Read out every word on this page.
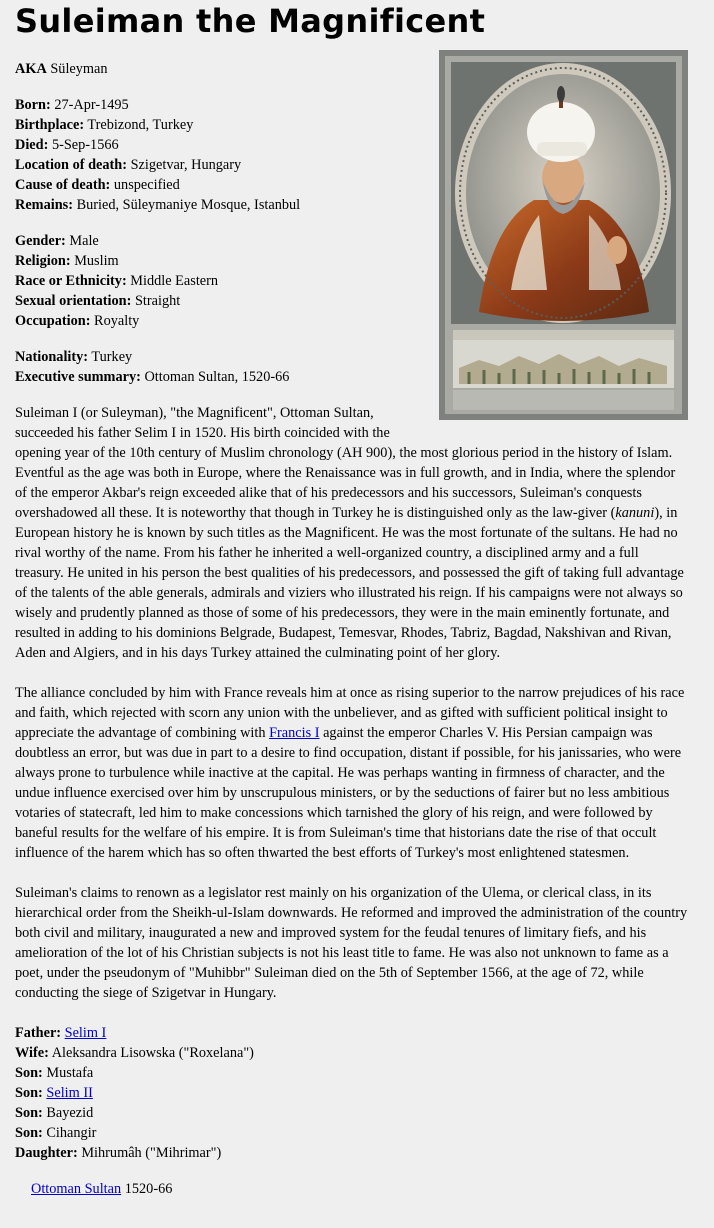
Suleiman the Magnificent
AKA Süleyman
Born: 27-Apr-1495
Birthplace: Trebizond, Turkey
Died: 5-Sep-1566
Location of death: Szigetvar, Hungary
Cause of death: unspecified
Remains: Buried, Süleymaniye Mosque, Istanbul
Gender: Male
Religion: Muslim
Race or Ethnicity: Middle Eastern
Sexual orientation: Straight
Occupation: Royalty
Nationality: Turkey
Executive summary: Ottoman Sultan, 1520-66
Suleiman I (or Suleyman), "the Magnificent", Ottoman Sultan, succeeded his father Selim I in 1520. His birth coincided with the opening year of the 10th century of Muslim chronology (AH 900), the most glorious period in the history of Islam. Eventful as the age was both in Europe, where the Renaissance was in full growth, and in India, where the splendor of the emperor Akbar's reign exceeded alike that of his predecessors and his successors, Suleiman's conquests overshadowed all these. It is noteworthy that though in Turkey he is distinguished only as the law-giver (kanuni), in European history he is known by such titles as the Magnificent. He was the most fortunate of the sultans. He had no rival worthy of the name. From his father he inherited a well-organized country, a disciplined army and a full treasury. He united in his person the best qualities of his predecessors, and possessed the gift of taking full advantage of the talents of the able generals, admirals and viziers who illustrated his reign. If his campaigns were not always so wisely and prudently planned as those of some of his predecessors, they were in the main eminently fortunate, and resulted in adding to his dominions Belgrade, Budapest, Temesvar, Rhodes, Tabriz, Bagdad, Nakshivan and Rivan, Aden and Algiers, and in his days Turkey attained the culminating point of her glory.
The alliance concluded by him with France reveals him at once as rising superior to the narrow prejudices of his race and faith, which rejected with scorn any union with the unbeliever, and as gifted with sufficient political insight to appreciate the advantage of combining with Francis I against the emperor Charles V. His Persian campaign was doubtless an error, but was due in part to a desire to find occupation, distant if possible, for his janissaries, who were always prone to turbulence while inactive at the capital. He was perhaps wanting in firmness of character, and the undue influence exercised over him by unscrupulous ministers, or by the seductions of fairer but no less ambitious votaries of statecraft, led him to make concessions which tarnished the glory of his reign, and were followed by baneful results for the welfare of his empire. It is from Suleiman's time that historians date the rise of that occult influence of the harem which has so often thwarted the best efforts of Turkey's most enlightened statesmen.
Suleiman's claims to renown as a legislator rest mainly on his organization of the Ulema, or clerical class, in its hierarchical order from the Sheikh-ul-Islam downwards. He reformed and improved the administration of the country both civil and military, inaugurated a new and improved system for the feudal tenures of limitary fiefs, and his amelioration of the lot of his Christian subjects is not his least title to fame. He was also not unknown to fame as a poet, under the pseudonym of "Muhibbr" Suleiman died on the 5th of September 1566, at the age of 72, while conducting the siege of Szigetvar in Hungary.
Father: Selim I
Wife: Aleksandra Lisowska ("Roxelana")
Son: Mustafa
Son: Selim II
Son: Bayezid
Son: Cihangir
Daughter: Mihrumâh ("Mihrimar")
Ottoman Sultan 1520-66
